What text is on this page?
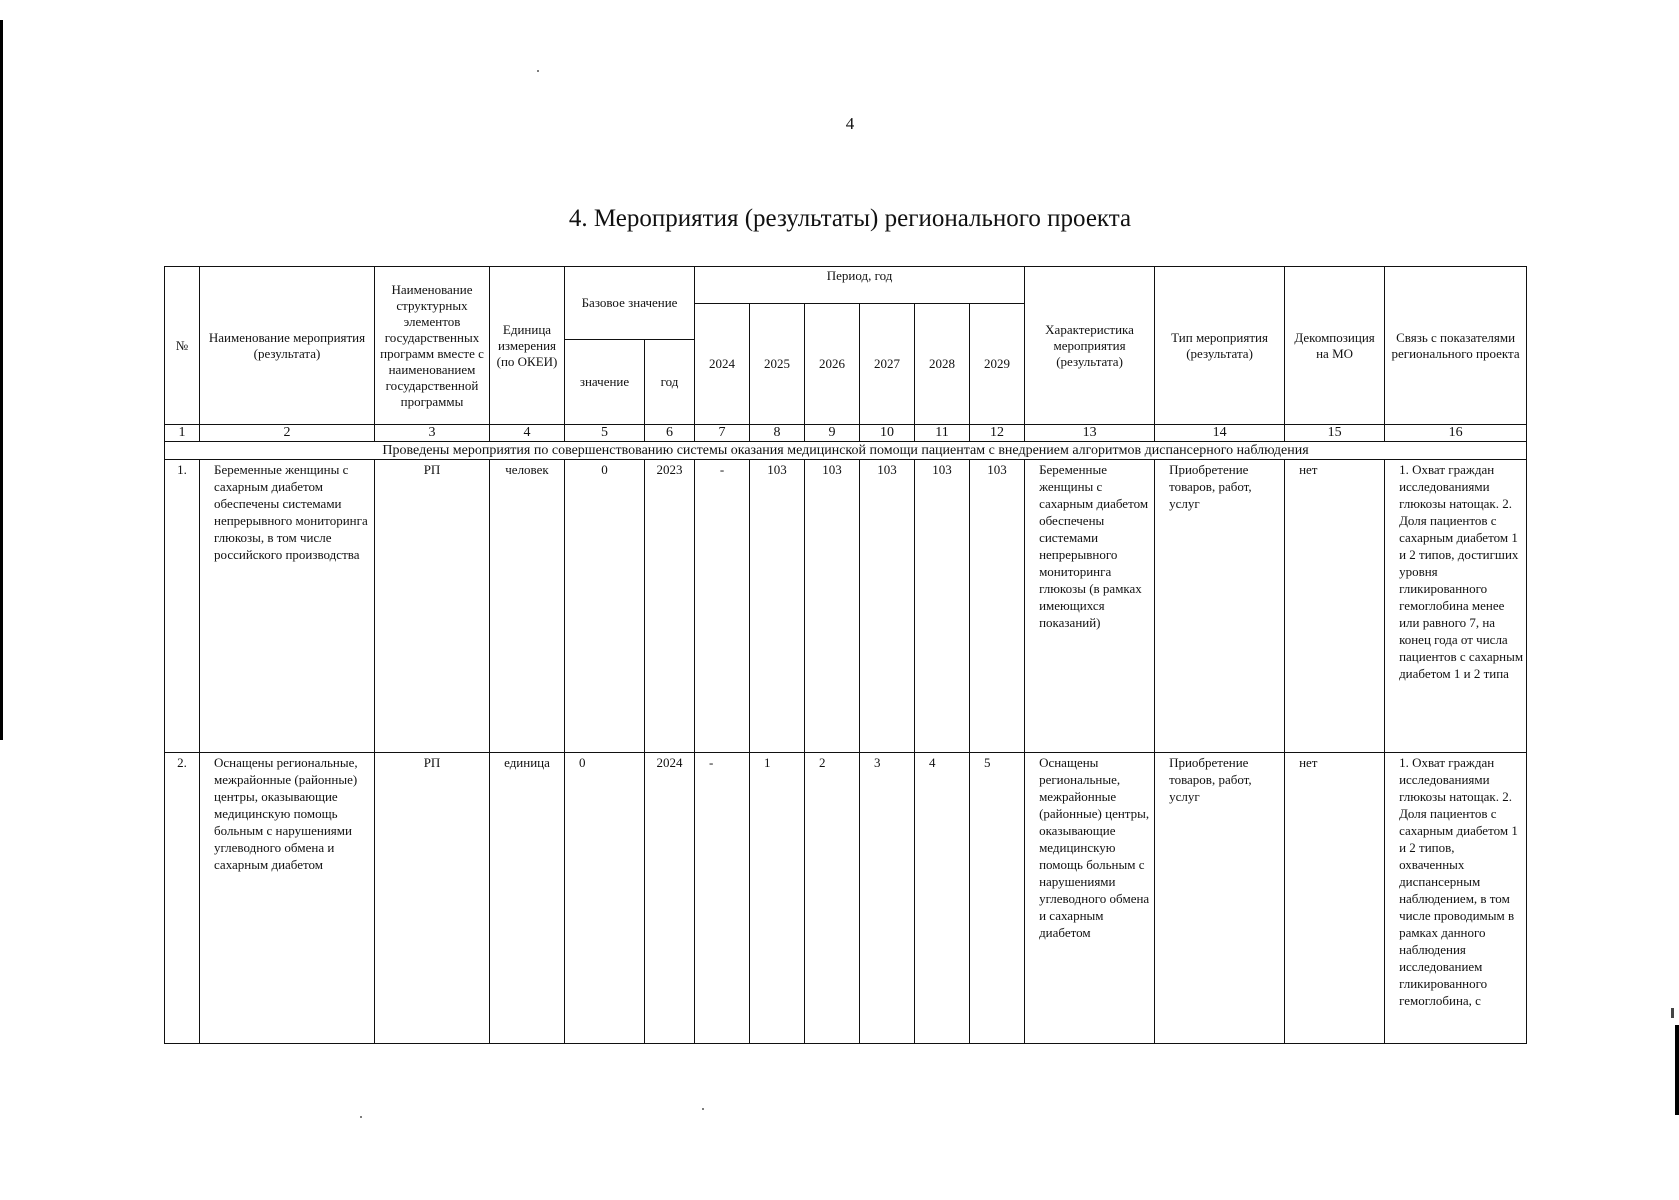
4
4. Мероприятия (результаты) регионального проекта
№	Наименование мероприятия (результата)	Наименование структурных элементов государственных программ вместе с наименованием государственной программы	Единица измерения (по ОКЕИ)	Базовое значение		Период, год						Характеристика мероприятия (результата)	Тип мероприятия (результата)	Декомпозиция на МО	Связь с показателями регионального проекта
						2024	2025	2026	2027	2028	2029				
				значение	год										
1	2	3	4	5	6	7	8	9	10	11	12	13	14	15	16
Проведены мероприятия по совершенствованию системы оказания медицинской помощи пациентам с внедрением алгоритмов диспансерного наблюдения															
1.	Беременные женщины с сахарным диабетом обеспечены системами непрерывного мониторинга глюкозы, в том числе российского производства	РП	человек	0	2023	-	103	103	103	103	103	Беременные женщины с сахарным диабетом обеспечены системами непрерывного мониторинга глюкозы (в рамках имеющихся показаний)	Приобретение товаров, работ, услуг	нет	1. Охват граждан исследованиями глюкозы натощак. 2. Доля пациентов с сахарным диабетом 1 и 2 типов, достигших уровня гликированного гемоглобина менее или равного 7, на конец года от числа пациентов с сахарным диабетом 1 и 2 типа
2.	Оснащены региональные, межрайонные (районные) центры, оказывающие медицинскую помощь больным с нарушениями углеводного обмена и сахарным диабетом	РП	единица	0	2024	-	1	2	3	4	5	Оснащены региональные, межрайонные (районные) центры, оказывающие медицинскую помощь больным с нарушениями углеводного обмена и сахарным диабетом	Приобретение товаров, работ, услуг	нет	1. Охват граждан исследованиями глюкозы натощак. 2. Доля пациентов с сахарным диабетом 1 и 2 типов, охваченных диспансерным наблюдением, в том числе проводимым в рамках данного наблюдения исследованием гликированного гемоглобина, с
